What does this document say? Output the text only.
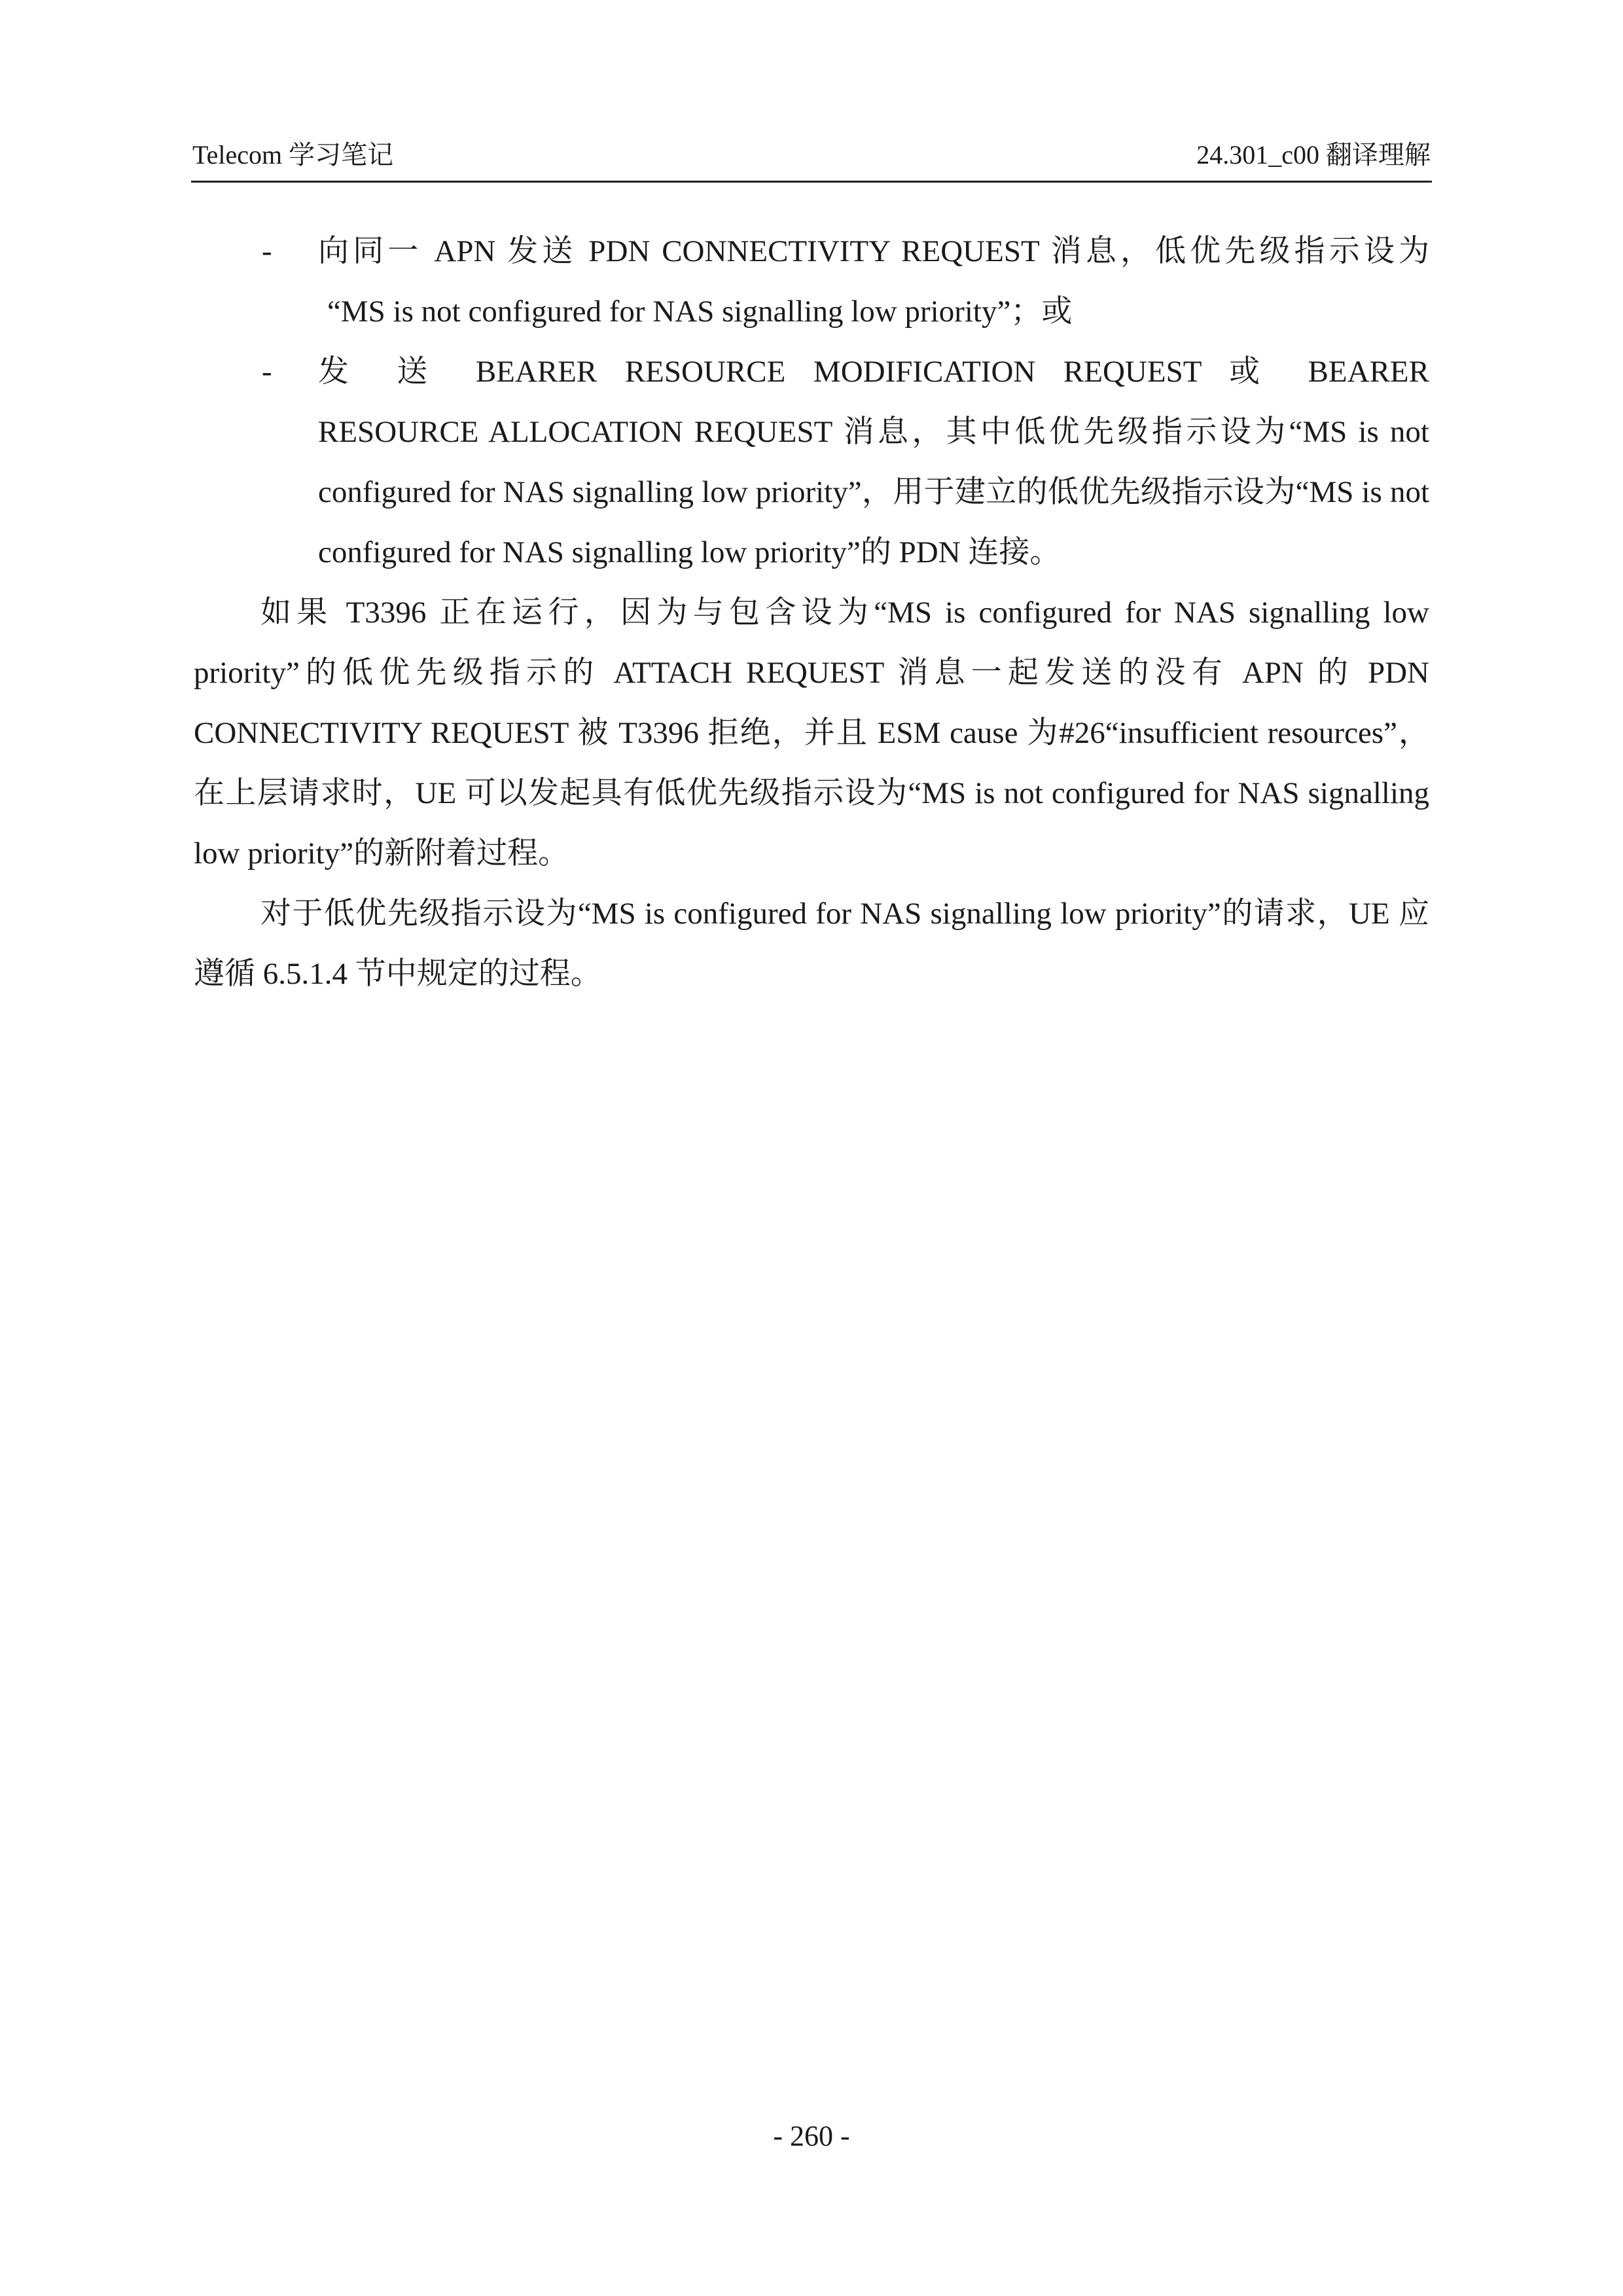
Telecom 学习笔记	24.301_c00 翻译理解
- 向同一 APN 发送 PDN CONNECTIVITY REQUEST 消息，低优先级指示设为
“MS is not configured for NAS signalling low priority”；或
- 发 送 BEARER RESOURCE MODIFICATION REQUEST 或 BEARER
RESOURCE ALLOCATION REQUEST 消息，其中低优先级指示设为“MS is not configured for NAS signalling low priority”，用于建立的低优先级指示设为“MS is not configured for NAS signalling low priority”的 PDN 连接。

如果 T3396 正在运行，因为与包含设为“MS is configured for NAS signalling low priority”的低优先级指示的 ATTACH REQUEST 消息一起发送的没有 APN 的 PDN CONNECTIVITY REQUEST 被 T3396 拒绝，并且 ESM cause 为#26“insufficient resources”，在上层请求时，UE 可以发起具有低优先级指示设为“MS is not configured for NAS signalling low priority”的新附着过程。

对于低优先级指示设为“MS is configured for NAS signalling low priority”的请求，UE 应遵循 6.5.1.4 节中规定的过程。

- 260 -
